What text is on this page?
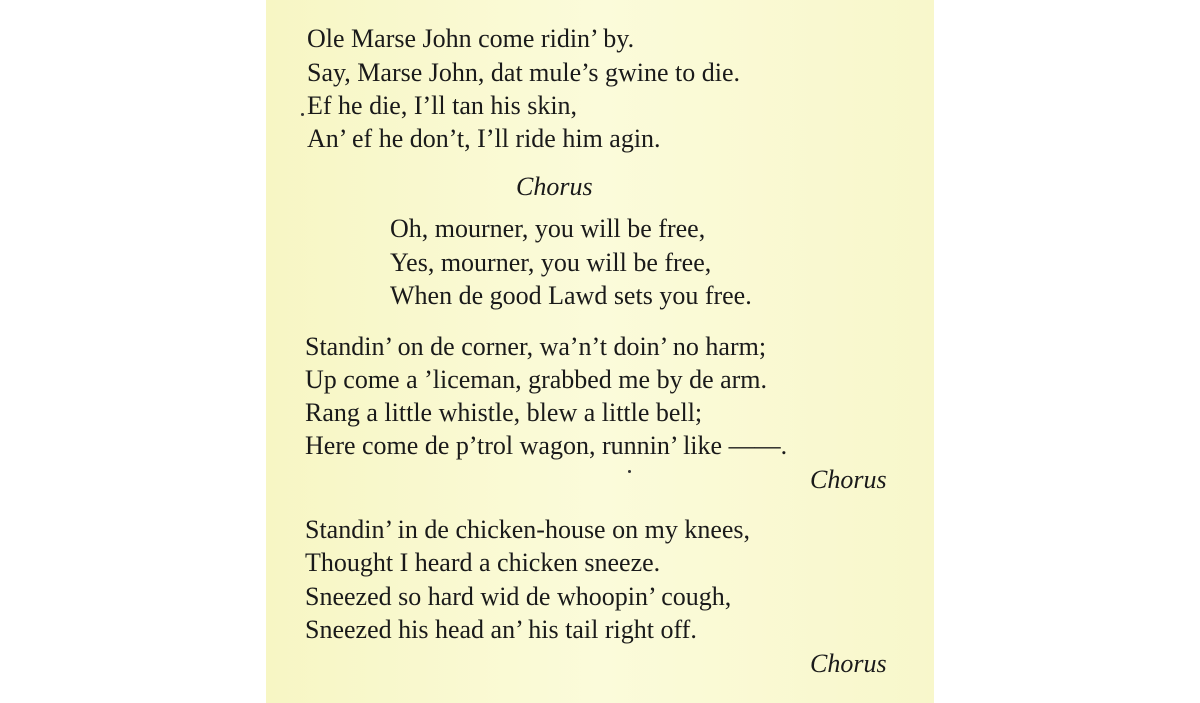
Ole Marse John come ridin’ by.

Say, Marse John, dat mule’s gwine to die.

Ef he die, I’ll tan his skin,

An’ ef he don’t, I’ll ride him agin.

Chorus

Oh, mourner, you will be free,

Yes, mourner, you will be free,

When de good Lawd sets you free.

Standin’ on de corner, wa’n’t doin’ no harm;

Up come a ’liceman, grabbed me by de arm.

Rang a little whistle, blew a little bell;

Here come de p’trol wagon, runnin’ like ——.

Chorus

Standin’ in de chicken-house on my knees,

Thought I heard a chicken sneeze.

Sneezed so hard wid de whoopin’ cough,

Sneezed his head an’ his tail right off.

Chorus
